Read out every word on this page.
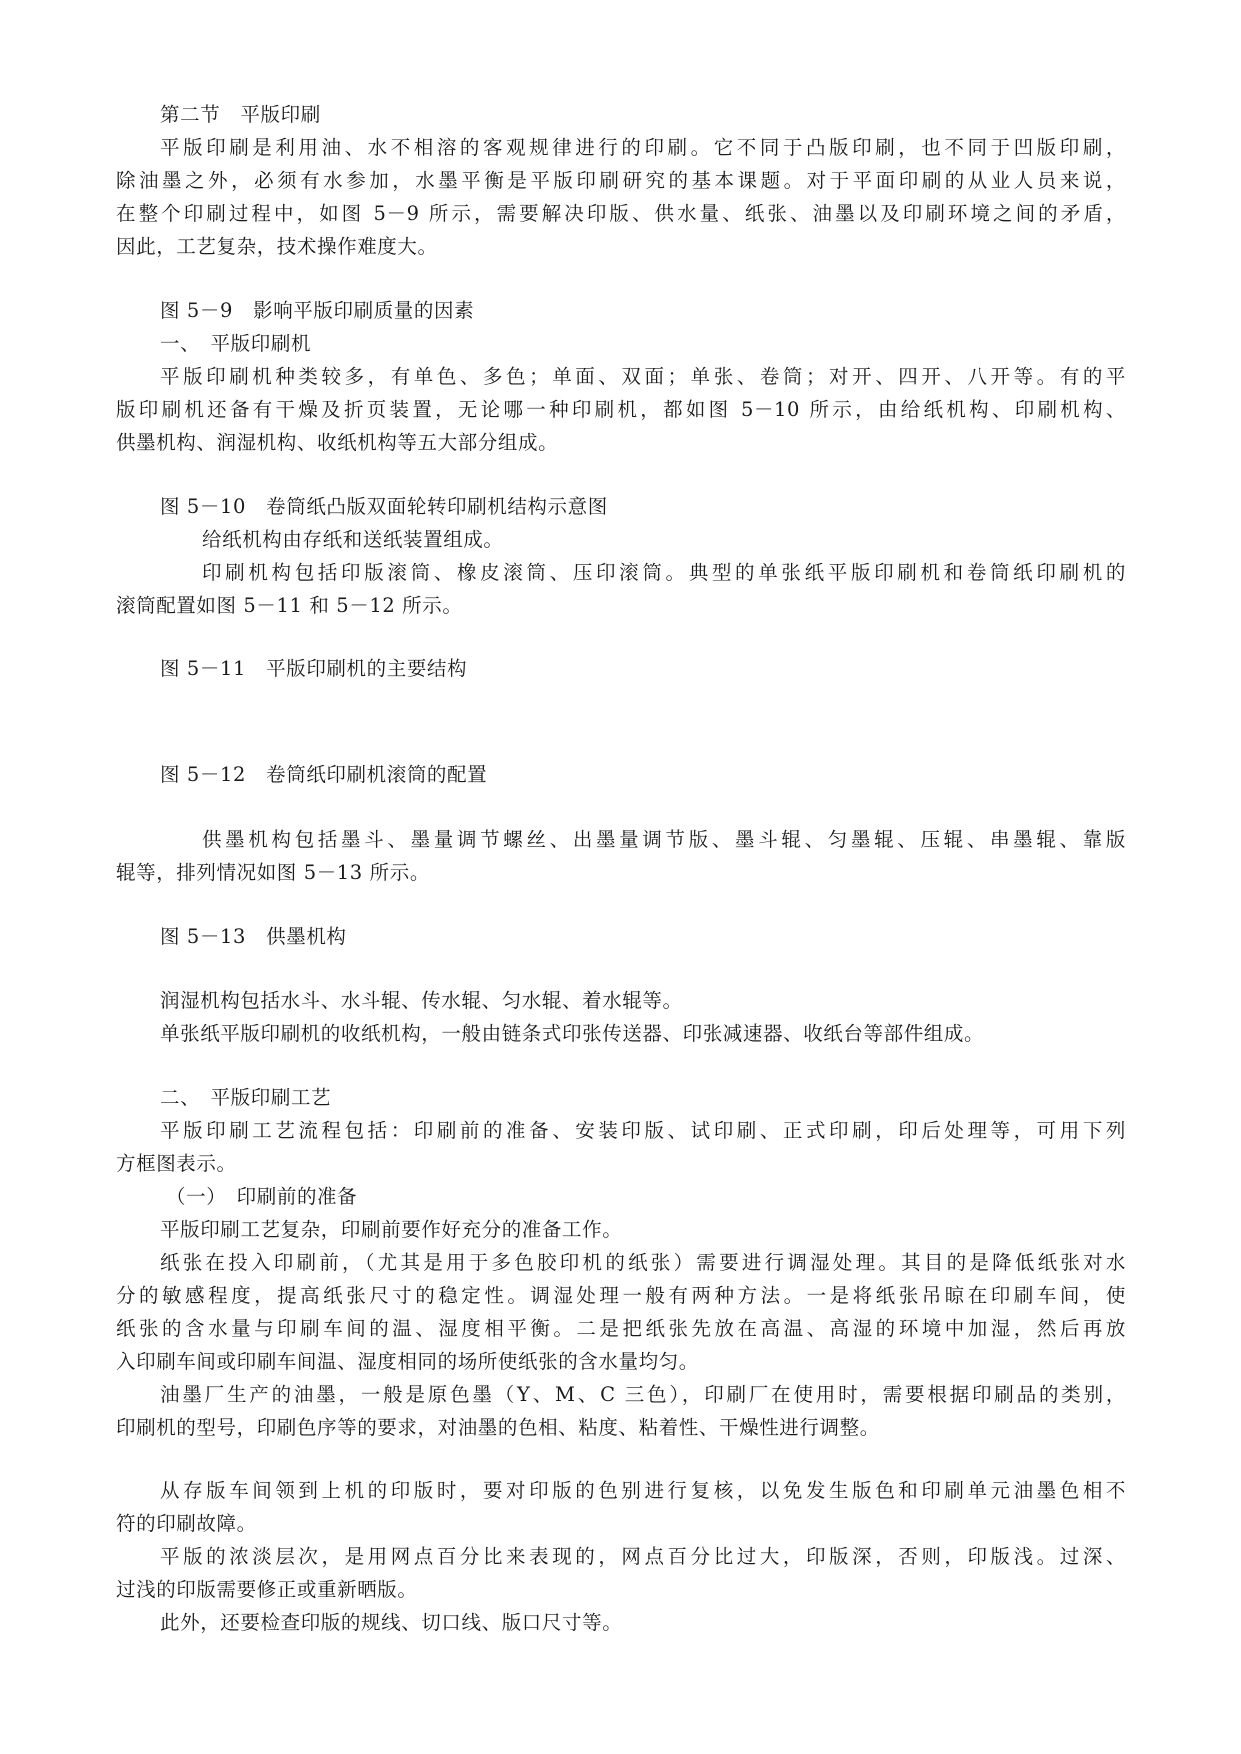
第二节　平版印刷
平版印刷是利用油、水不相溶的客观规律进行的印刷。它不同于凸版印刷，也不同于凹版印刷，
除油墨之外，必须有水参加，水墨平衡是平版印刷研究的基本课题。对于平面印刷的从业人员来说，
在整个印刷过程中，如图 5－9 所示，需要解决印版、供水量、纸张、油墨以及印刷环境之间的矛盾，
因此，工艺复杂，技术操作难度大。
图 5－9　影响平版印刷质量的因素
一、　平版印刷机
平版印刷机种类较多，有单色、多色；单面、双面；单张、卷筒；对开、四开、八开等。有的平
版印刷机还备有干燥及折页装置，无论哪一种印刷机，都如图 5－10 所示，由给纸机构、印刷机构、
供墨机构、润湿机构、收纸机构等五大部分组成。
图 5－10　卷筒纸凸版双面轮转印刷机结构示意图
给纸机构由存纸和送纸装置组成。
印刷机构包括印版滚筒、橡皮滚筒、压印滚筒。典型的单张纸平版印刷机和卷筒纸印刷机的
滚筒配置如图 5－11 和 5－12 所示。
图 5－11　平版印刷机的主要结构
图 5－12　卷筒纸印刷机滚筒的配置
供墨机构包括墨斗、墨量调节螺丝、出墨量调节版、墨斗辊、匀墨辊、压辊、串墨辊、靠版
辊等，排列情况如图 5－13 所示。
图 5－13　供墨机构
润湿机构包括水斗、水斗辊、传水辊、匀水辊、着水辊等。
单张纸平版印刷机的收纸机构，一般由链条式印张传送器、印张减速器、收纸台等部件组成。
二、　平版印刷工艺
平版印刷工艺流程包括：印刷前的准备、安装印版、试印刷、正式印刷，印后处理等，可用下列
方框图表示。
（一）　印刷前的准备
平版印刷工艺复杂，印刷前要作好充分的准备工作。
纸张在投入印刷前，（尤其是用于多色胶印机的纸张）需要进行调湿处理。其目的是降低纸张对水
分的敏感程度，提高纸张尺寸的稳定性。调湿处理一般有两种方法。一是将纸张吊晾在印刷车间，使
纸张的含水量与印刷车间的温、湿度相平衡。二是把纸张先放在高温、高湿的环境中加湿，然后再放
入印刷车间或印刷车间温、湿度相同的场所使纸张的含水量均匀。
油墨厂生产的油墨，一般是原色墨（Y、M、C 三色），印刷厂在使用时，需要根据印刷品的类别，
印刷机的型号，印刷色序等的要求，对油墨的色相、粘度、粘着性、干燥性进行调整。
从存版车间领到上机的印版时，要对印版的色别进行复核，以免发生版色和印刷单元油墨色相不
符的印刷故障。
平版的浓淡层次，是用网点百分比来表现的，网点百分比过大，印版深，否则，印版浅。过深、
过浅的印版需要修正或重新晒版。
此外，还要检查印版的规线、切口线、版口尺寸等。
